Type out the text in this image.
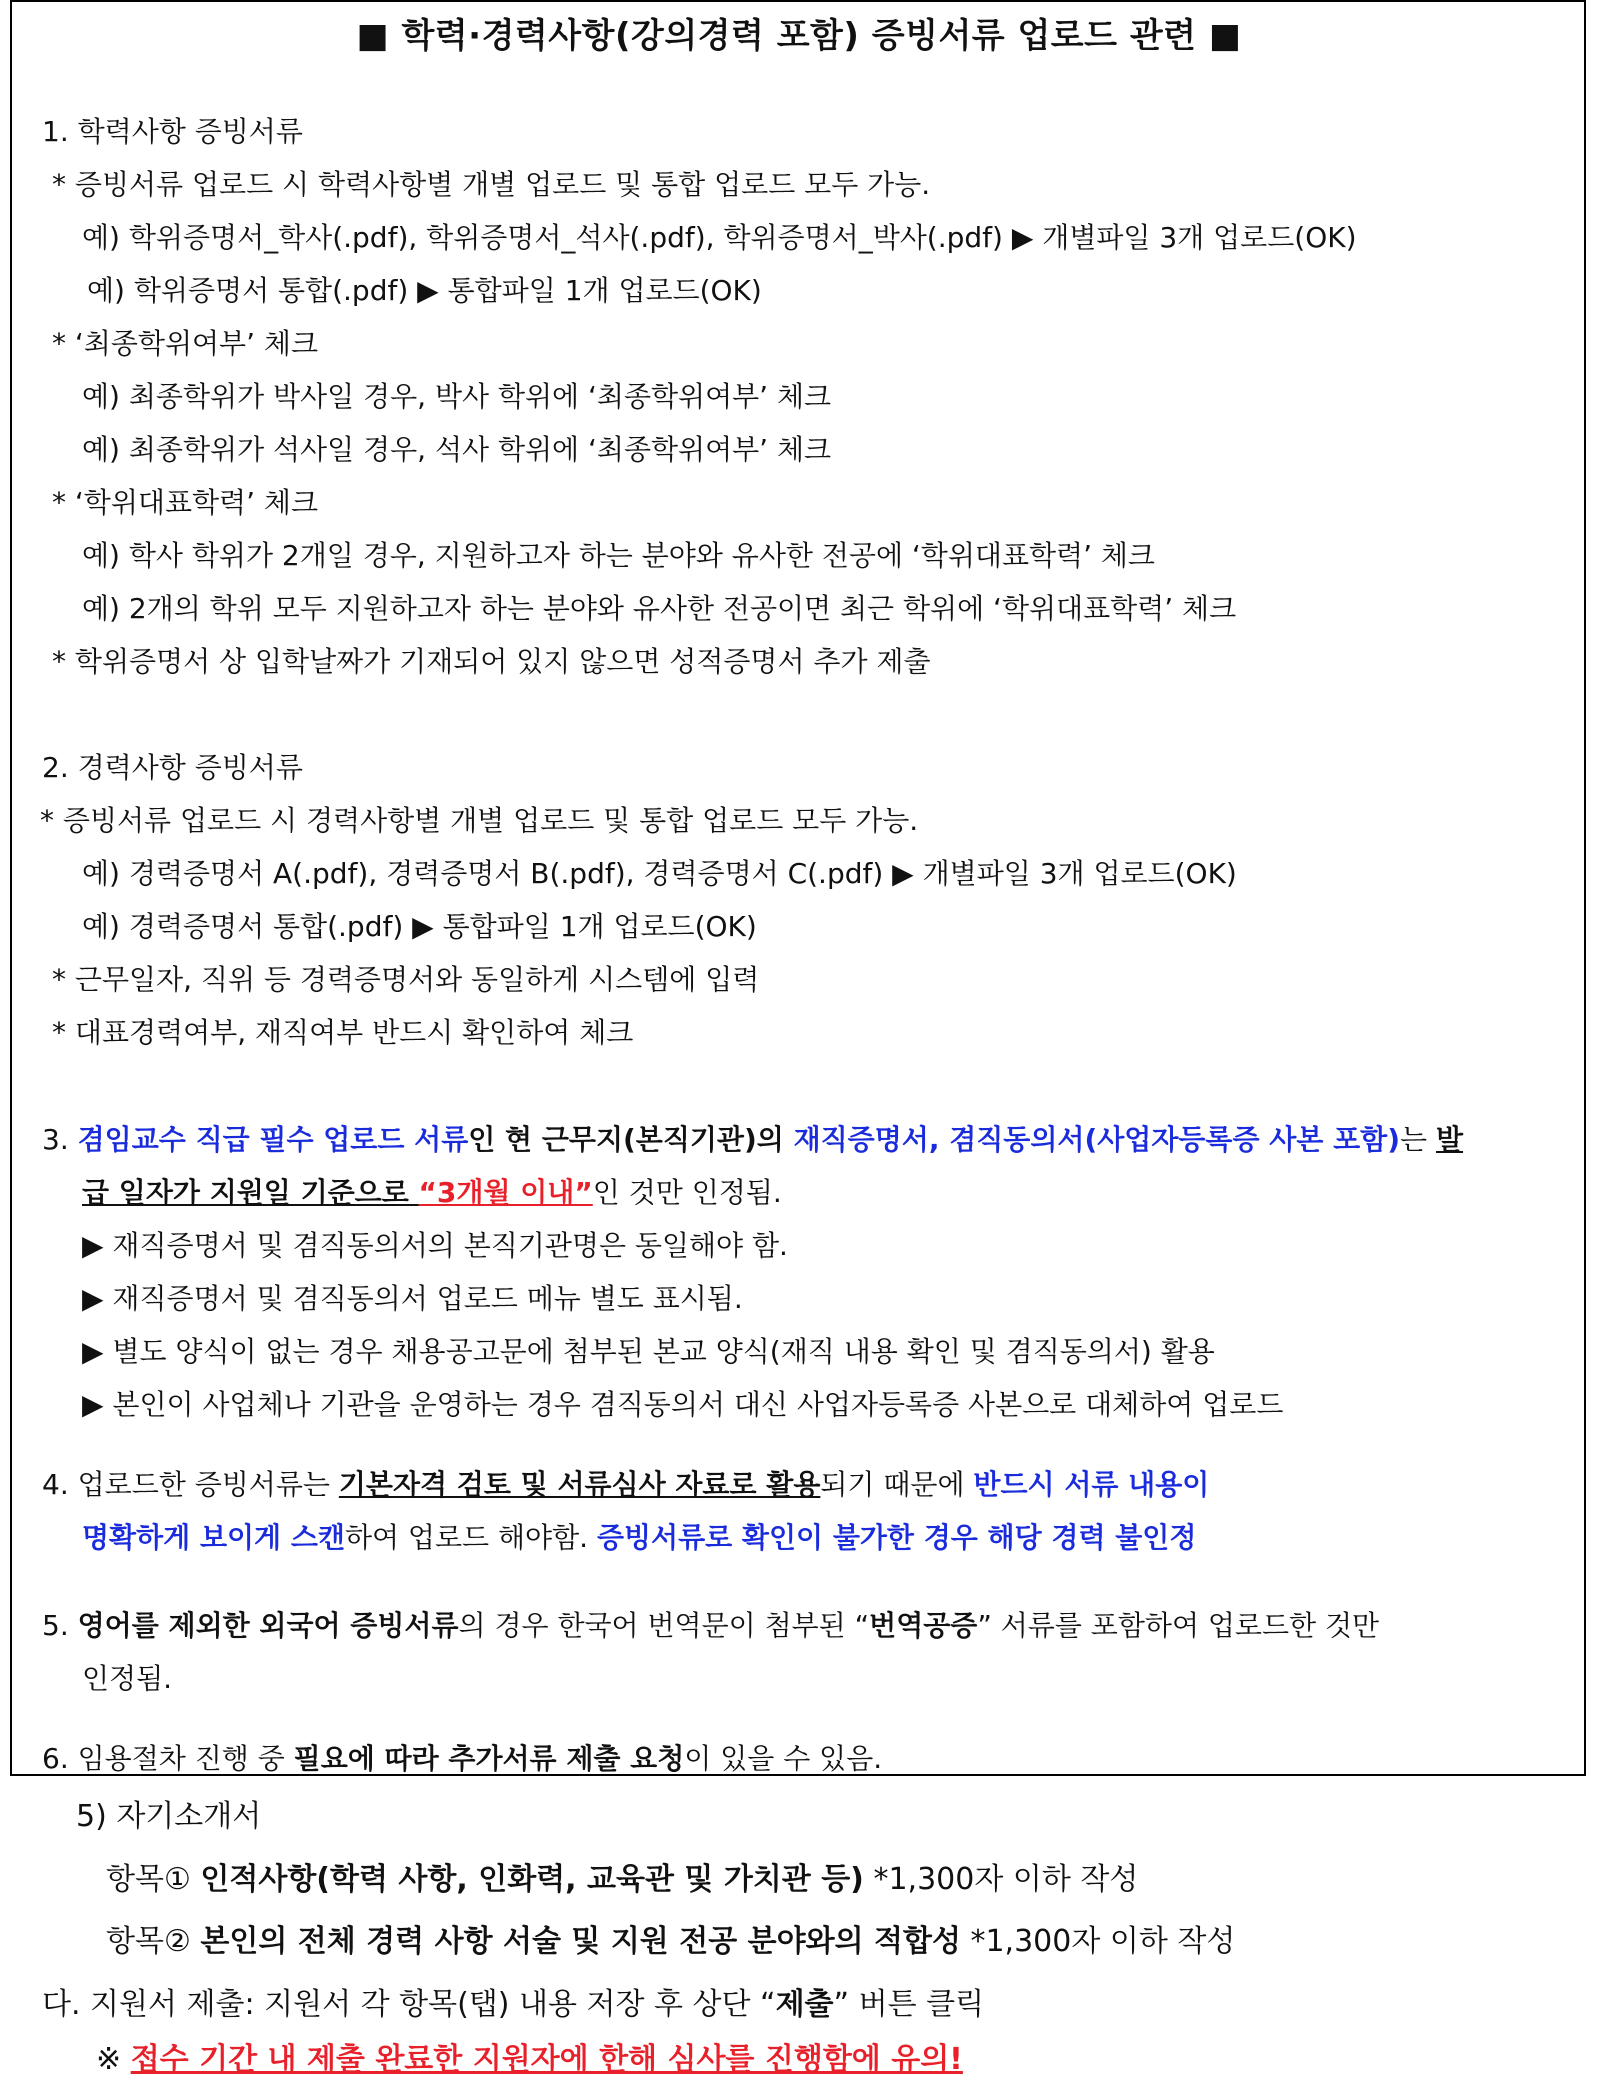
■ 학력·경력사항(강의경력 포함) 증빙서류 업로드 관련 ■
1. 학력사항 증빙서류
* 증빙서류 업로드 시 학력사항별 개별 업로드 및 통합 업로드 모두 가능.
예) 학위증명서_학사(.pdf), 학위증명서_석사(.pdf), 학위증명서_박사(.pdf) ▶ 개별파일 3개 업로드(OK)
예) 학위증명서 통합(.pdf) ▶ 통합파일 1개 업로드(OK)
* ‘최종학위여부’ 체크
예) 최종학위가 박사일 경우, 박사 학위에 ‘최종학위여부’ 체크
예) 최종학위가 석사일 경우, 석사 학위에 ‘최종학위여부’ 체크
* ‘학위대표학력’ 체크
예) 학사 학위가 2개일 경우, 지원하고자 하는 분야와 유사한 전공에 ‘학위대표학력’ 체크
예) 2개의 학위 모두 지원하고자 하는 분야와 유사한 전공이면 최근 학위에 ‘학위대표학력’ 체크
* 학위증명서 상 입학날짜가 기재되어 있지 않으면 성적증명서 추가 제출
2. 경력사항 증빙서류
* 증빙서류 업로드 시 경력사항별 개별 업로드 및 통합 업로드 모두 가능.
예) 경력증명서 A(.pdf), 경력증명서 B(.pdf), 경력증명서 C(.pdf) ▶ 개별파일 3개 업로드(OK)
예) 경력증명서 통합(.pdf) ▶ 통합파일 1개 업로드(OK)
* 근무일자, 직위 등 경력증명서와 동일하게 시스템에 입력
* 대표경력여부, 재직여부 반드시 확인하여 체크
3. 겸임교수 직급 필수 업로드 서류인 현 근무지(본직기관)의 재직증명서, 겸직동의서(사업자등록증 사본 포함)는 발
급 일자가 지원일 기준으로 “3개월 이내”인 것만 인정됨.
▶ 재직증명서 및 겸직동의서의 본직기관명은 동일해야 함.
▶ 재직증명서 및 겸직동의서 업로드 메뉴 별도 표시됨.
▶ 별도 양식이 없는 경우 채용공고문에 첨부된 본교 양식(재직 내용 확인 및 겸직동의서) 활용
▶ 본인이 사업체나 기관을 운영하는 경우 겸직동의서 대신 사업자등록증 사본으로 대체하여 업로드
4. 업로드한 증빙서류는 기본자격 검토 및 서류심사 자료로 활용되기 때문에 반드시 서류 내용이
명확하게 보이게 스캔하여 업로드 해야함. 증빙서류로 확인이 불가한 경우 해당 경력 불인정
5. 영어를 제외한 외국어 증빙서류의 경우 한국어 번역문이 첨부된 “번역공증” 서류를 포함하여 업로드한 것만
인정됨.
6. 임용절차 진행 중 필요에 따라 추가서류 제출 요청이 있을 수 있음.
5) 자기소개서
항목① 인적사항(학력 사항, 인화력, 교육관 및 가치관 등) *1,300자 이하 작성
항목② 본인의 전체 경력 사항 서술 및 지원 전공 분야와의 적합성 *1,300자 이하 작성
다. 지원서 제출: 지원서 각 항목(탭) 내용 저장 후 상단 “제출” 버튼 클릭
※ 접수 기간 내 제출 완료한 지원자에 한해 심사를 진행함에 유의!
